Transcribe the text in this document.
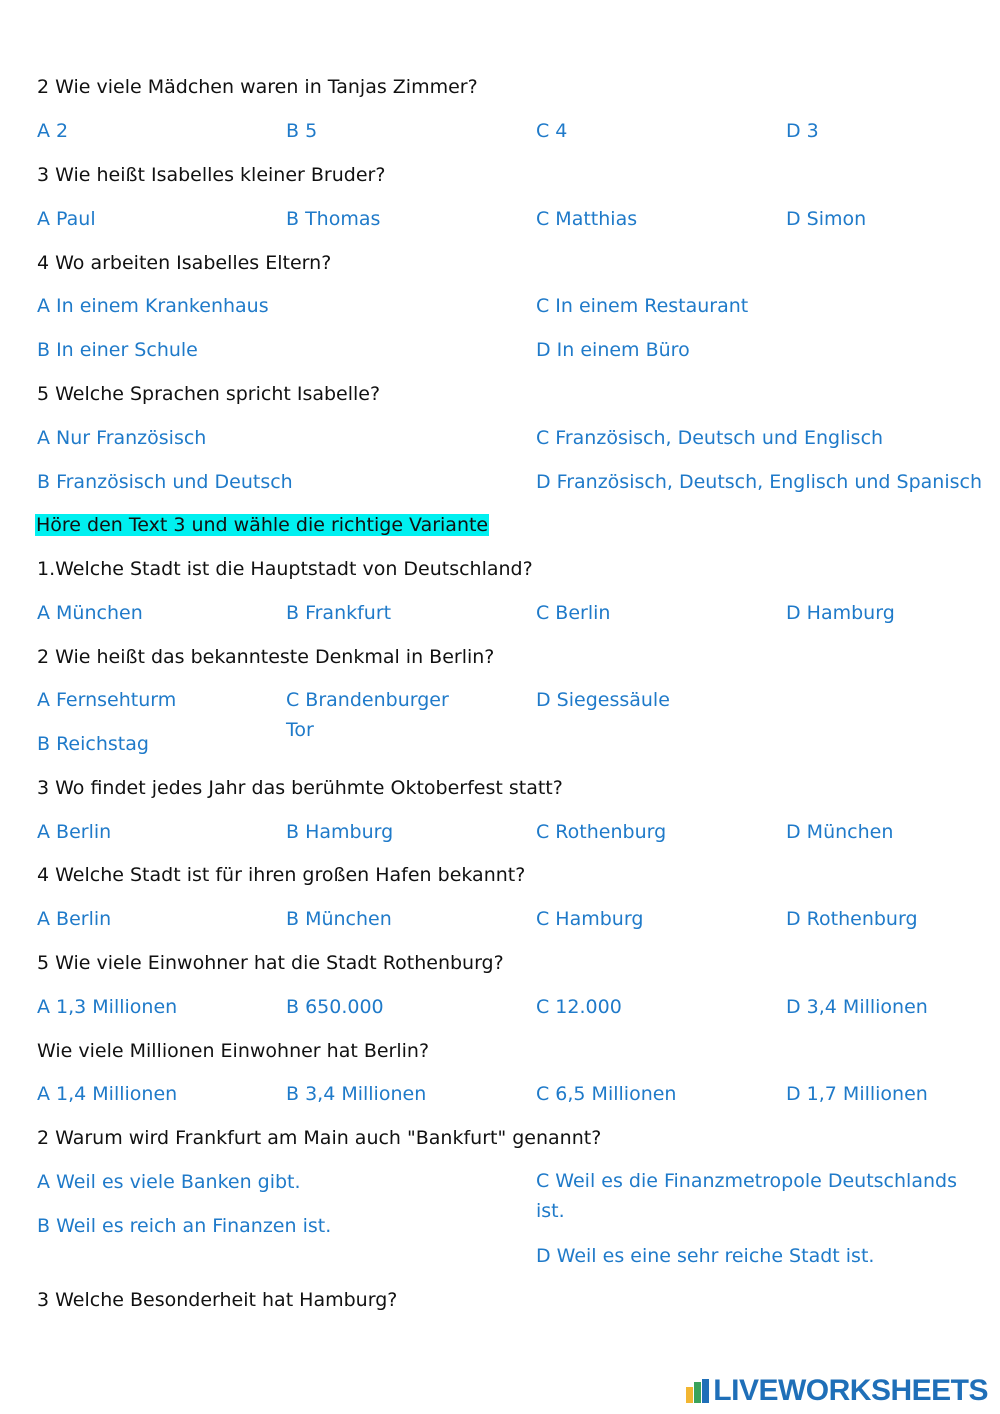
2 Wie viele Mädchen waren in Tanjas Zimmer?
A 2	B 5	C 4	D 3
3 Wie heißt Isabelles kleiner Bruder?
A Paul	B Thomas	C Matthias	D Simon
4 Wo arbeiten Isabelles Eltern?
A In einem Krankenhaus	C In einem Restaurant
B In einer Schule	D In einem Büro
5 Welche Sprachen spricht Isabelle?
A Nur Französisch	C Französisch, Deutsch und Englisch
B Französisch und Deutsch	D Französisch, Deutsch, Englisch und Spanisch
Höre den Text 3 und wähle die richtige Variante
1.Welche Stadt ist die Hauptstadt von Deutschland?
A München	B Frankfurt	C Berlin	D Hamburg
2 Wie heißt das bekannteste Denkmal in Berlin?
A Fernsehturm	C Brandenburger Tor
D Siegessäule
B Reichstag
3 Wo findet jedes Jahr das berühmte Oktoberfest statt?
A Berlin	B Hamburg	C Rothenburg	D München
4 Welche Stadt ist für ihren großen Hafen bekannt?
A Berlin	B München	C Hamburg	D Rothenburg
5 Wie viele Einwohner hat die Stadt Rothenburg?
A 1,3 Millionen	B 650.000	C 12.000	D 3,4 Millionen
Wie viele Millionen Einwohner hat Berlin?
A 1,4 Millionen	B 3,4 Millionen	C 6,5 Millionen	D 1,7 Millionen
2 Warum wird Frankfurt am Main auch "Bankfurt" genannt?
A Weil es viele Banken gibt.	C Weil es die Finanzmetropole Deutschlands ist.
B Weil es reich an Finanzen ist.
D Weil es eine sehr reiche Stadt ist.
3 Welche Besonderheit hat Hamburg?
LIVEWORKSHEETS
